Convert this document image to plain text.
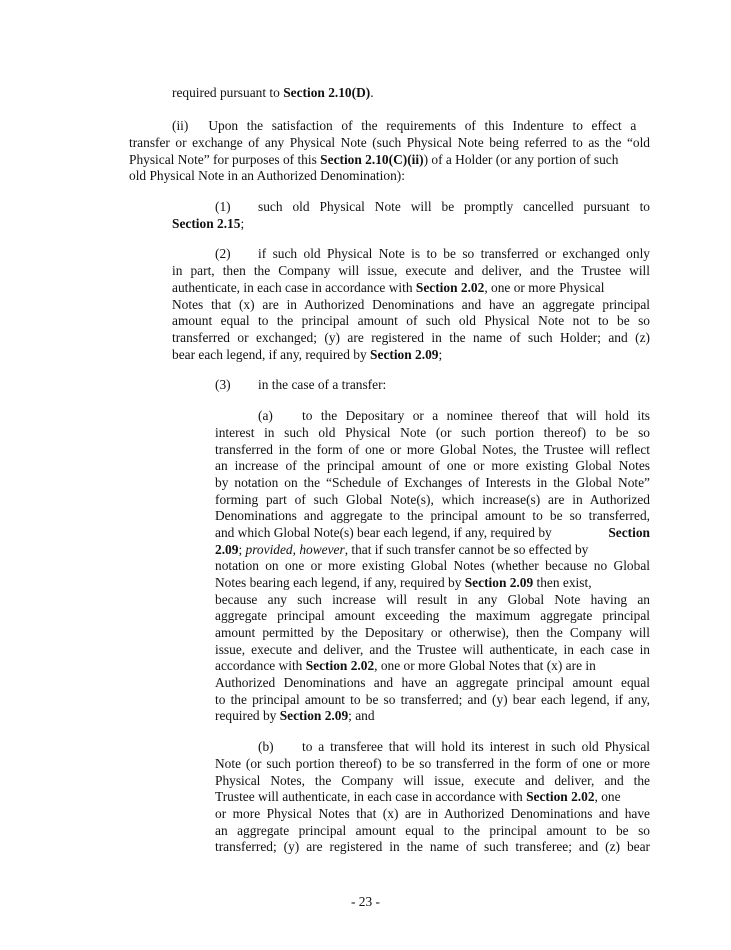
required pursuant to Section 2.10(D).
(ii) Upon the satisfaction of the requirements of this Indenture to effect a
transfer or exchange of any Physical Note (such Physical Note being referred to as the “old
Physical Note” for purposes of this Section 2.10(C)(ii)) of a Holder (or any portion of such
old Physical Note in an Authorized Denomination):
(1) such old Physical Note will be promptly cancelled pursuant to
Section 2.15;
(2) if such old Physical Note is to be so transferred or exchanged only
in part, then the Company will issue, execute and deliver, and the Trustee will
authenticate, in each case in accordance with Section 2.02, one or more Physical
Notes that (x) are in Authorized Denominations and have an aggregate principal
amount equal to the principal amount of such old Physical Note not to be so
transferred or exchanged; (y) are registered in the name of such Holder; and (z)
bear each legend, if any, required by Section 2.09;
(3) in the case of a transfer:
(a) to the Depositary or a nominee thereof that will hold its
interest in such old Physical Note (or such portion thereof) to be so
transferred in the form of one or more Global Notes, the Trustee will reflect
an increase of the principal amount of one or more existing Global Notes
by notation on the “Schedule of Exchanges of Interests in the Global Note”
forming part of such Global Note(s), which increase(s) are in Authorized
Denominations and aggregate to the principal amount to be so transferred,
and which Global Note(s) bear each legend, if any, required by	Section
2.09; provided, however, that if such transfer cannot be so effected by
notation on one or more existing Global Notes (whether because no Global
Notes bearing each legend, if any, required by Section 2.09 then exist,
because any such increase will result in any Global Note having an
aggregate principal amount exceeding the maximum aggregate principal
amount permitted by the Depositary or otherwise), then the Company will
issue, execute and deliver, and the Trustee will authenticate, in each case in
accordance with Section 2.02, one or more Global Notes that (x) are in
Authorized Denominations and have an aggregate principal amount equal
to the principal amount to be so transferred; and (y) bear each legend, if any,
required by Section 2.09; and
(b) to a transferee that will hold its interest in such old Physical
Note (or such portion thereof) to be so transferred in the form of one or more
Physical Notes, the Company will issue, execute and deliver, and the
Trustee will authenticate, in each case in accordance with Section 2.02, one
or more Physical Notes that (x) are in Authorized Denominations and have
an aggregate principal amount equal to the principal amount to be so
transferred; (y) are registered in the name of such transferee; and (z) bear
- 23 -
